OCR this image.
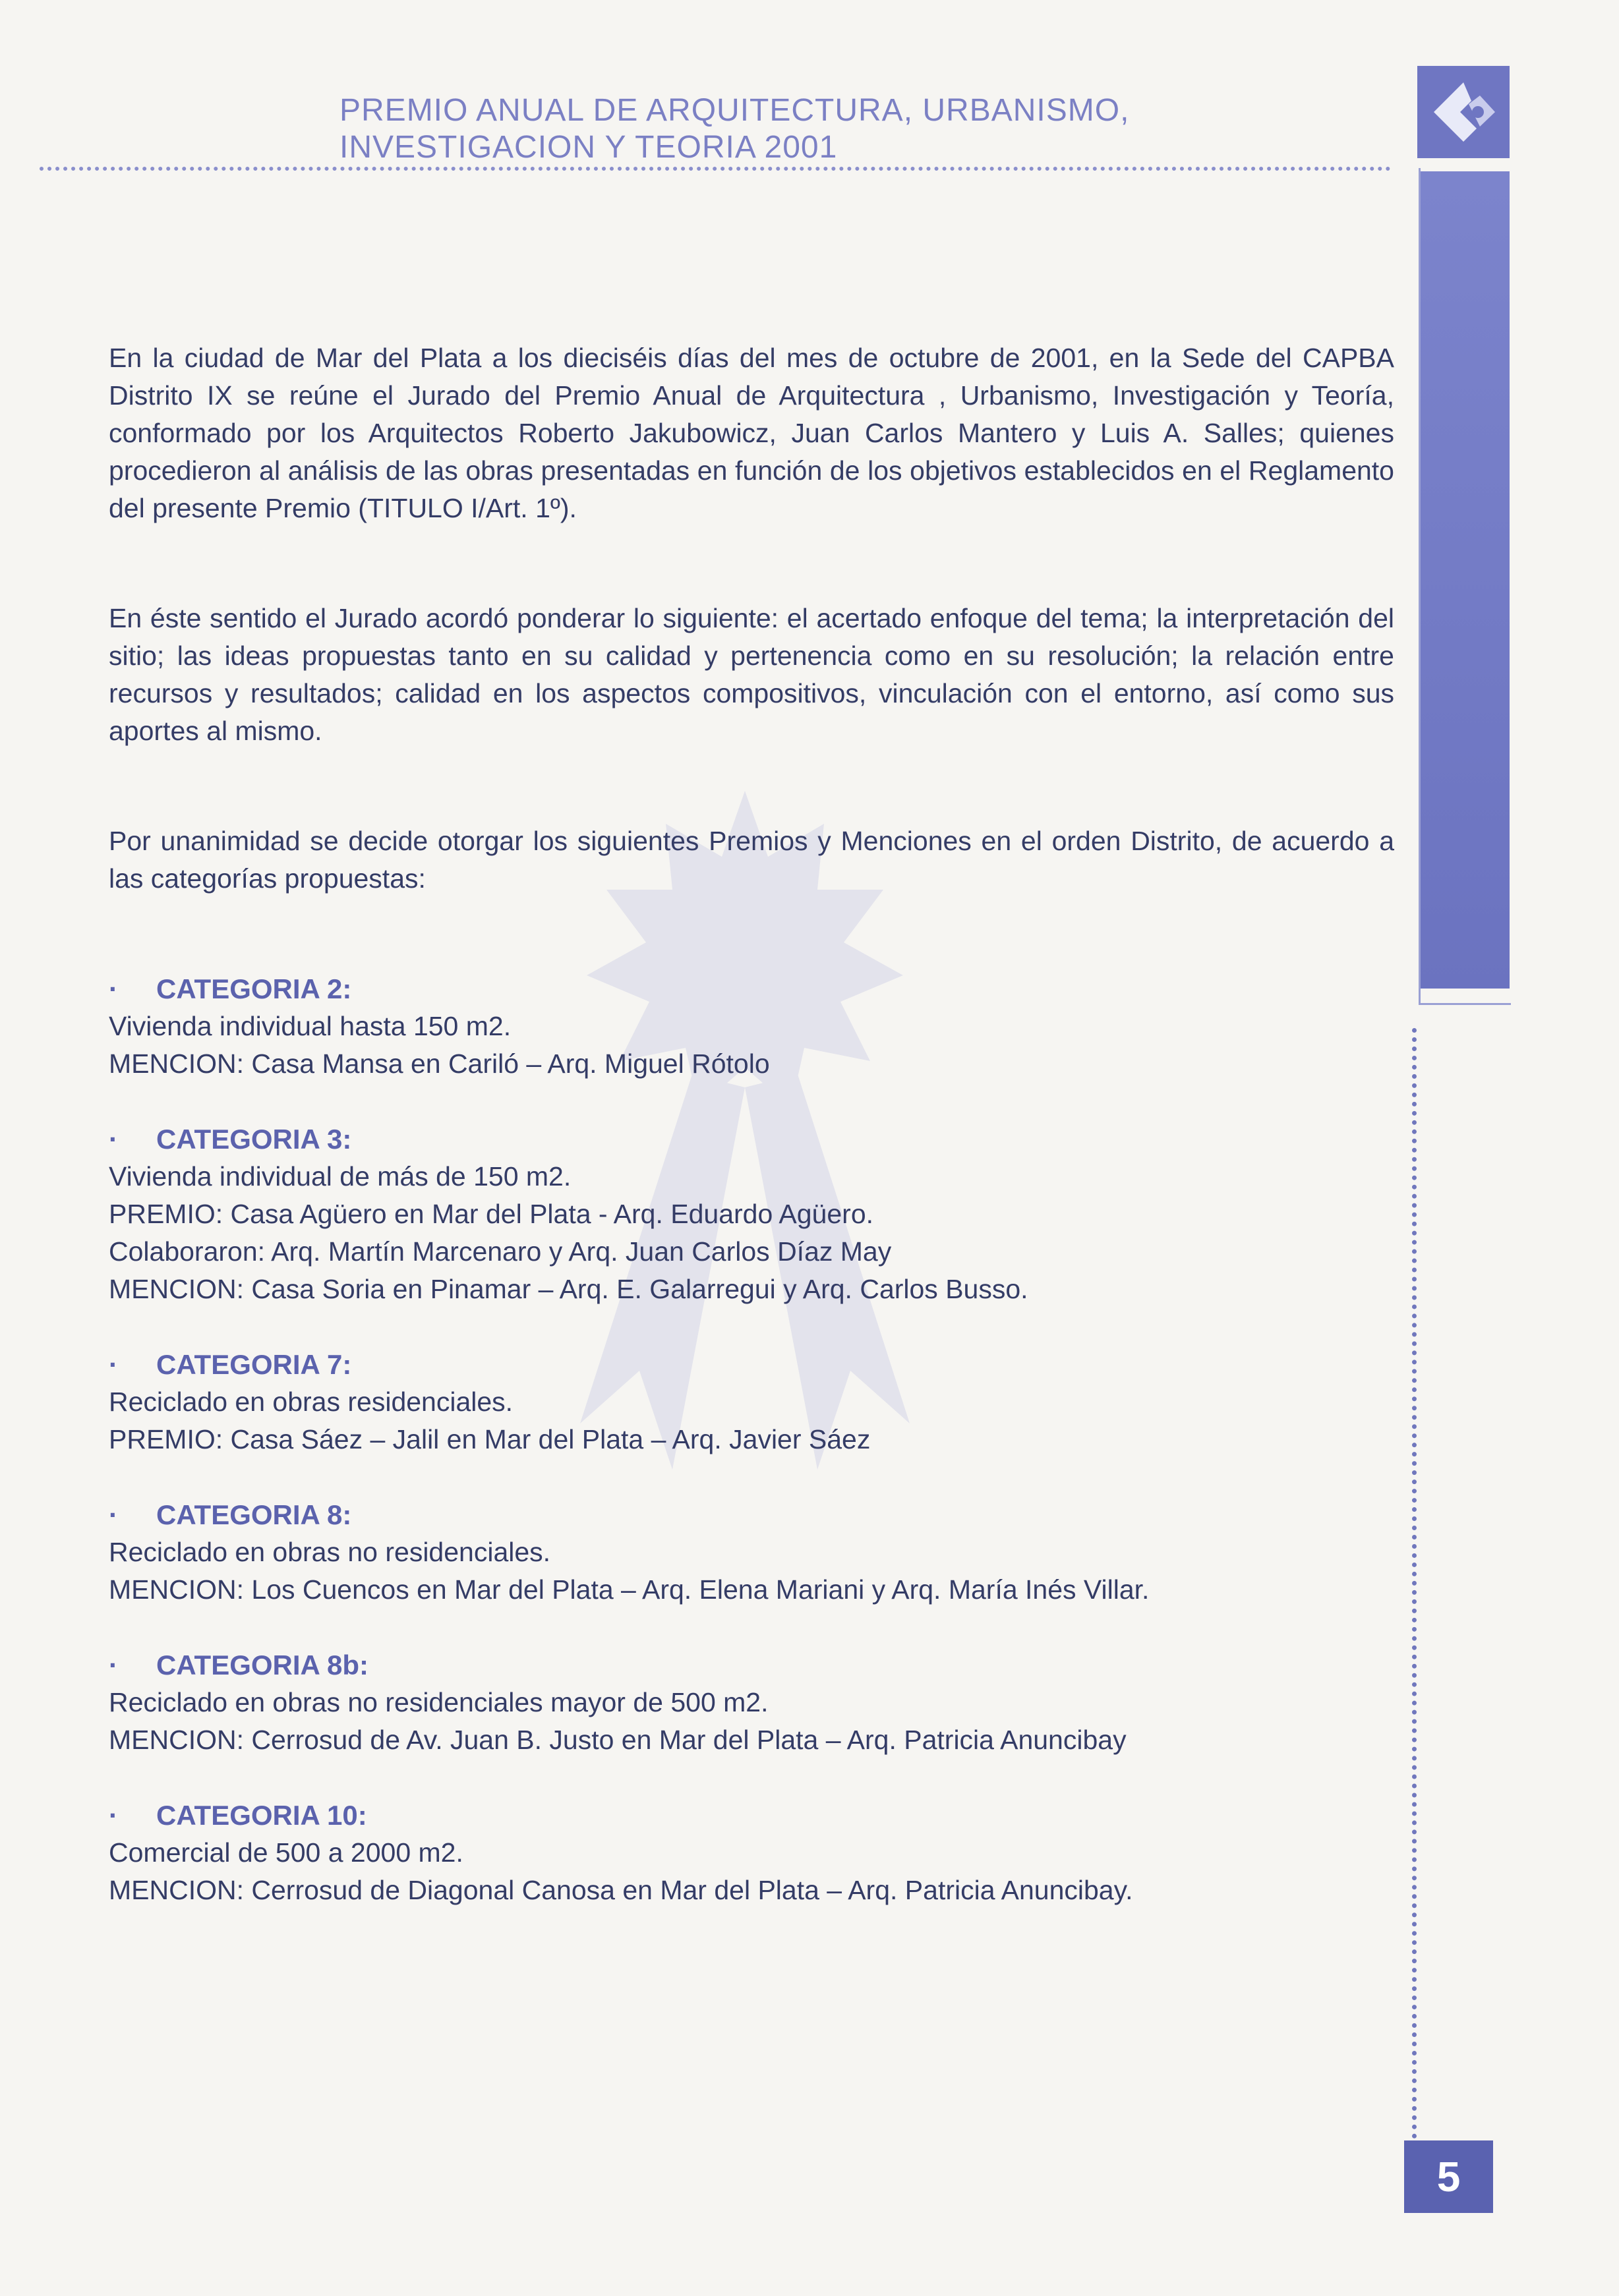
PREMIO ANUAL DE ARQUITECTURA, URBANISMO,
INVESTIGACION Y TEORIA 2001

En la ciudad de Mar del Plata a los dieciséis días del mes de octubre de 2001, en la Sede del CAPBA Distrito IX se reúne el Jurado del Premio Anual de Arquitectura , Urbanismo, Investigación y Teoría, conformado por los Arquitectos Roberto Jakubowicz, Juan Carlos Mantero y Luis A. Salles; quienes procedieron al análisis de las obras presentadas en función de los objetivos establecidos en el Reglamento del presente Premio (TITULO I/Art. 1º).

En éste sentido el Jurado acordó ponderar lo siguiente: el acertado enfoque del tema; la interpretación del sitio; las ideas propuestas tanto en su calidad y pertenencia como en su resolución; la relación entre recursos y resultados; calidad en los aspectos compositivos, vinculación con el entorno, así como sus aportes al mismo.

Por unanimidad se decide otorgar los siguientes Premios y Menciones en el orden Distrito, de acuerdo a las categorías propuestas:

· CATEGORIA 2:
Vivienda individual hasta 150 m2.
MENCION: Casa Mansa en Cariló – Arq. Miguel Rótolo
· CATEGORIA 3:
Vivienda individual de más de 150 m2.
PREMIO: Casa Agüero en Mar del Plata - Arq. Eduardo Agüero.
Colaboraron: Arq. Martín Marcenaro y Arq. Juan Carlos Díaz May
MENCION: Casa Soria en Pinamar – Arq. E. Galarregui y Arq. Carlos Busso.
· CATEGORIA 7:
Reciclado en obras residenciales.
PREMIO: Casa Sáez – Jalil en Mar del Plata – Arq. Javier Sáez
· CATEGORIA 8:
Reciclado en obras no residenciales.
MENCION: Los Cuencos en Mar del Plata – Arq. Elena Mariani y Arq. María Inés Villar.
· CATEGORIA 8b:
Reciclado en obras no residenciales mayor de 500 m2.
MENCION: Cerrosud de Av. Juan B. Justo en Mar del Plata – Arq. Patricia Anuncibay
· CATEGORIA 10:
Comercial de 500 a 2000 m2.
MENCION: Cerrosud de Diagonal Canosa en Mar del Plata – Arq. Patricia Anuncibay.
5
